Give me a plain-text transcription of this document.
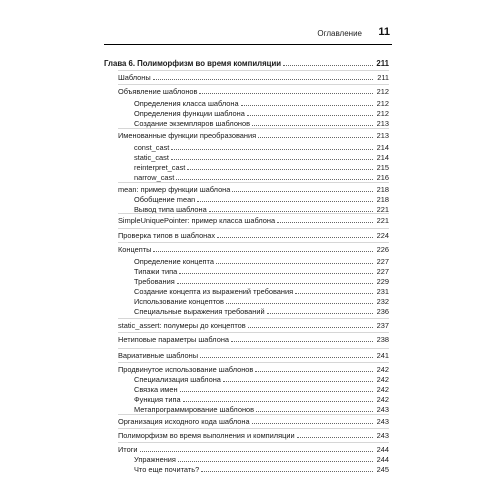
Оглавление 11
Глава 6. Полиморфизм во время компиляции	211
Шаблоны	211
Объявление шаблонов	212
Определения класса шаблона	212
Определения функции шаблона	212
Создание экземпляров шаблонов	213
Именованные функции преобразования	213
const_cast	214
static_cast	214
reinterpret_cast	215
narrow_cast	216
mean: пример функции шаблона	218
Обобщение mean	218
Вывод типа шаблона	221
SimpleUniquePointer: пример класса шаблона	221
Проверка типов в шаблонах	224
Концепты	226
Определение концепта	227
Типажи типа	227
Требования	229
Создание концепта из выражений требования	231
Использование концептов	232
Специальные выражения требований	236
static_assert: полумеры до концептов	237
Нетиповые параметры шаблона	238
Вариативные шаблоны	241
Продвинутое использование шаблонов	242
Специализация шаблона	242
Связка имен	242
Функция типа	242
Метапрограммирование шаблонов	243
Организация исходного кода шаблона	243
Полиморфизм во время выполнения и компиляции	243
Итоги	244
Упражнения	244
Что еще почитать?	245
